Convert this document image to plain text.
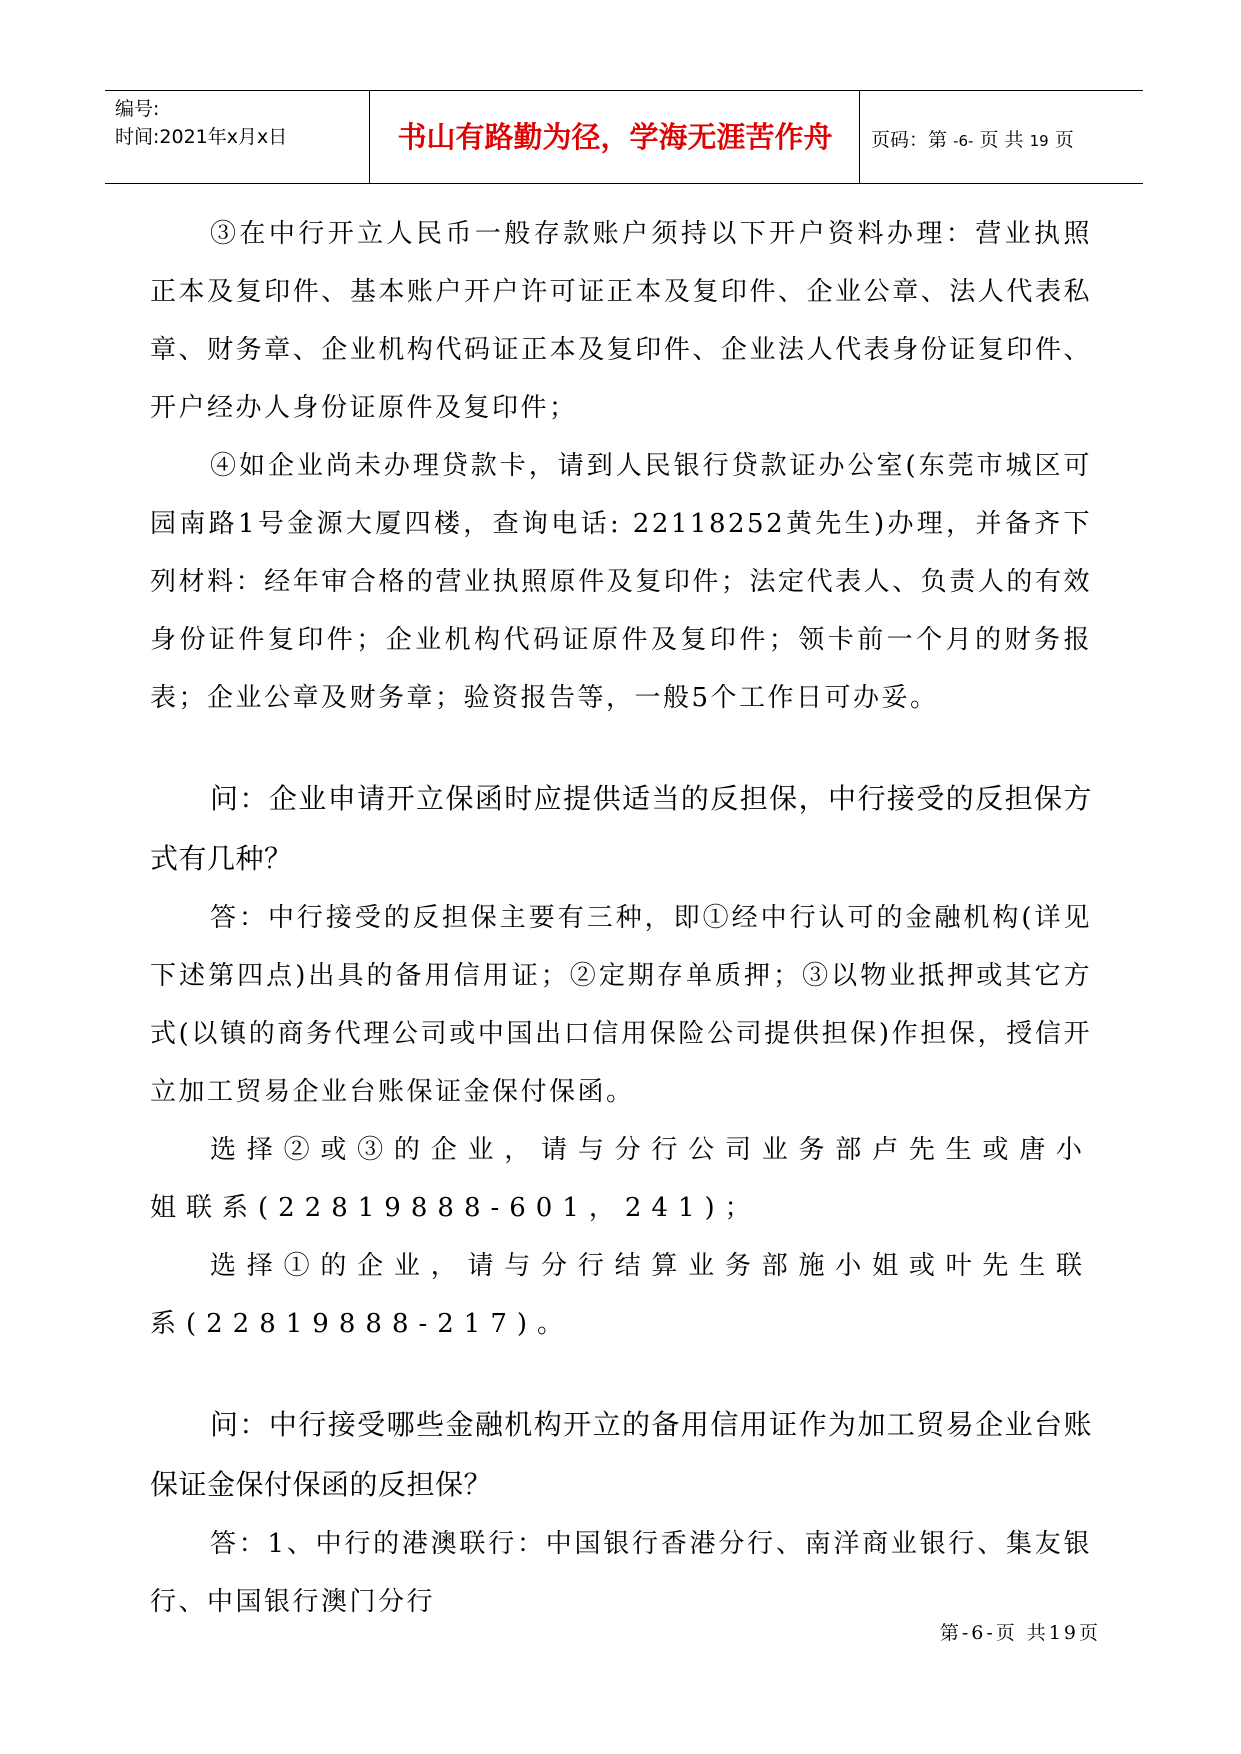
编号:
时间:2021年x月x日	书山有路勤为径，学海无涯苦作舟	页码：第 -6- 页 共 19 页

③在中行开立人民币一般存款账户须持以下开户资料办理：营业执照正本及复印件、基本账户开户许可证正本及复印件、企业公章、法人代表私章、财务章、企业机构代码证正本及复印件、企业法人代表身份证复印件、开户经办人身份证原件及复印件；

④如企业尚未办理贷款卡，请到人民银行贷款证办公室(东莞市城区可园南路1号金源大厦四楼，查询电话: 22118252黄先生)办理，并备齐下列材料：经年审合格的营业执照原件及复印件；法定代表人、负责人的有效身份证件复印件；企业机构代码证原件及复印件；领卡前一个月的财务报表；企业公章及财务章；验资报告等，一般5个工作日可办妥。

问：企业申请开立保函时应提供适当的反担保，中行接受的反担保方式有几种？

答：中行接受的反担保主要有三种，即①经中行认可的金融机构(详见下述第四点)出具的备用信用证；②定期存单质押；③以物业抵押或其它方式(以镇的商务代理公司或中国出口信用保险公司提供担保)作担保，授信开立加工贸易企业台账保证金保付保函。

选择②或③的企业，请与分行公司业务部卢先生或唐小姐联系(22819888-601，241)；

选择①的企业，请与分行结算业务部施小姐或叶先生联系(22819888-217)。

问：中行接受哪些金融机构开立的备用信用证作为加工贸易企业台账保证金保付保函的反担保？

答：1、中行的港澳联行：中国银行香港分行、南洋商业银行、集友银行、中国银行澳门分行

第-6-页 共19页
